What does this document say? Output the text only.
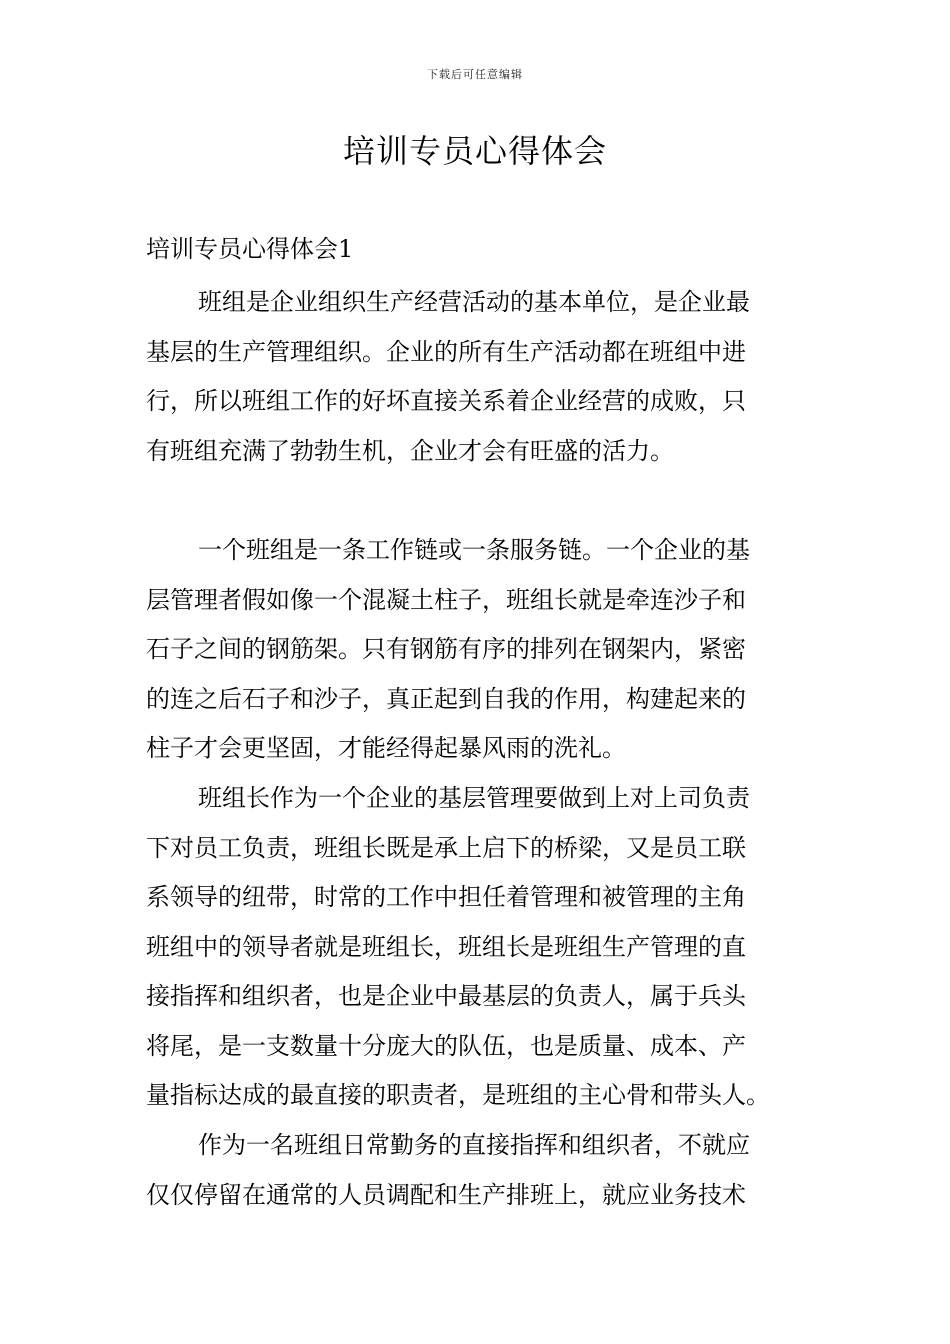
下载后可任意编辑
培训专员心得体会
培训专员心得体会1
班组是企业组织生产经营活动的基本单位，是企业最
基层的生产管理组织。企业的所有生产活动都在班组中进
行，所以班组工作的好坏直接关系着企业经营的成败，只
有班组充满了勃勃生机，企业才会有旺盛的活力。
一个班组是一条工作链或一条服务链。一个企业的基
层管理者假如像一个混凝土柱子，班组长就是牵连沙子和
石子之间的钢筋架。只有钢筋有序的排列在钢架内，紧密
的连之后石子和沙子，真正起到自我的作用，构建起来的
柱子才会更坚固，才能经得起暴风雨的洗礼。
班组长作为一个企业的基层管理要做到上对上司负责
下对员工负责，班组长既是承上启下的桥梁，又是员工联
系领导的纽带，时常的工作中担任着管理和被管理的主角
班组中的领导者就是班组长，班组长是班组生产管理的直
接指挥和组织者，也是企业中最基层的负责人，属于兵头
将尾，是一支数量十分庞大的队伍，也是质量、成本、产
量指标达成的最直接的职责者，是班组的主心骨和带头人。
作为一名班组日常勤务的直接指挥和组织者，不就应
仅仅停留在通常的人员调配和生产排班上，就应业务技术
